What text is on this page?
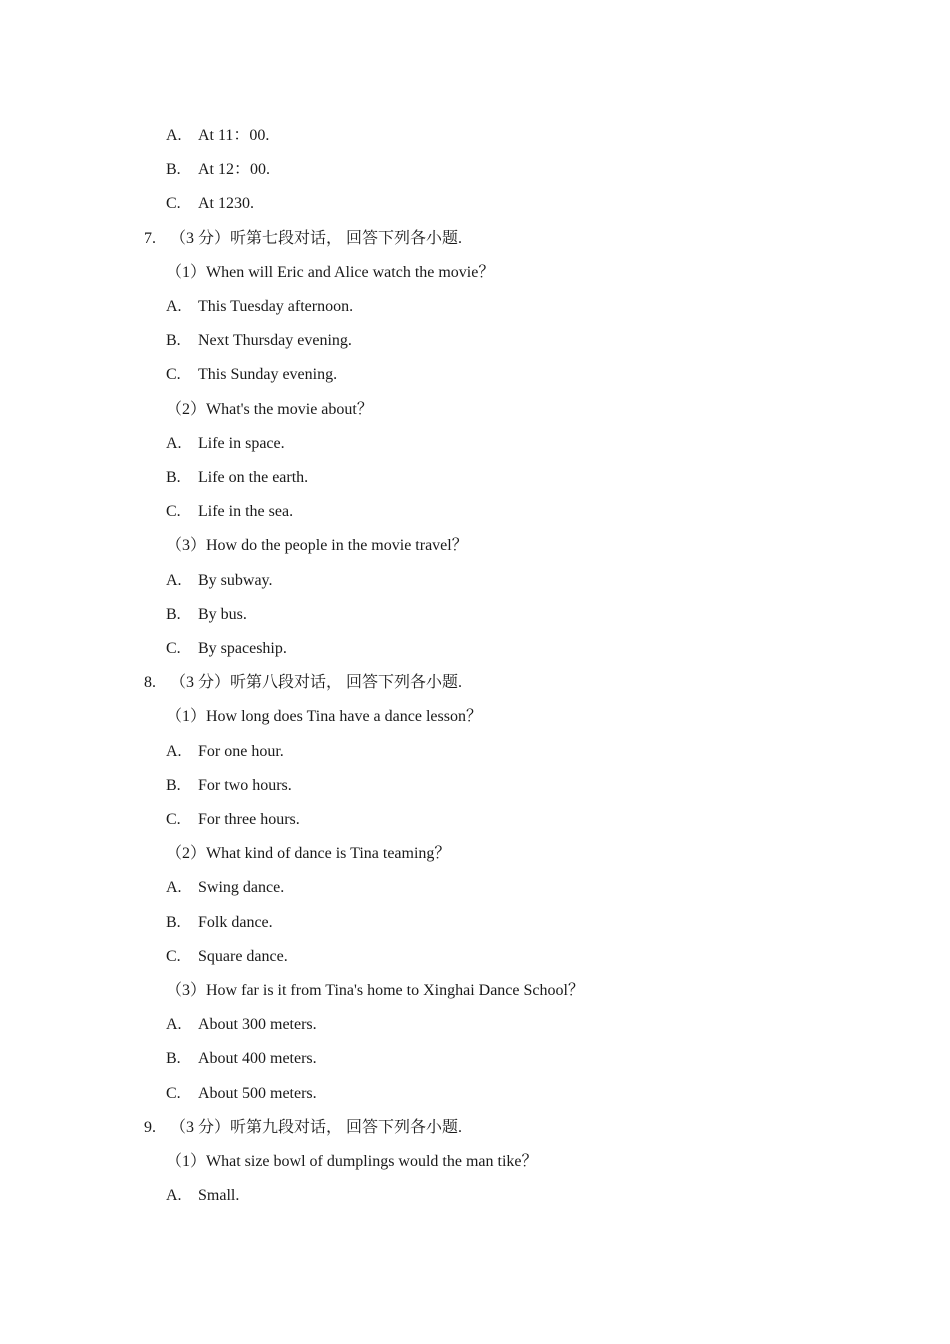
A. At 11：00.
B. At 12：00.
C. At 1230.
7. （3 分）听第七段对话， 回答下列各小题.
（1）When will Eric and Alice watch the movie？
A. This Tuesday afternoon.
B. Next Thursday evening.
C. This Sunday evening.
（2）What's the movie about？
A. Life in space.
B. Life on the earth.
C. Life in the sea.
（3）How do the people in the movie travel？
A. By subway.
B. By bus.
C. By spaceship.
8. （3 分）听第八段对话， 回答下列各小题.
（1）How long does Tina have a dance lesson？
A. For one hour.
B. For two hours.
C. For three hours.
（2）What kind of dance is Tina teaming？
A. Swing dance.
B. Folk dance.
C. Square dance.
（3）How far is it from Tina's home to Xinghai Dance School？
A. About 300 meters.
B. About 400 meters.
C. About 500 meters.
9. （3 分）听第九段对话， 回答下列各小题.
（1）What size bowl of dumplings would the man tike？
A. Small.
